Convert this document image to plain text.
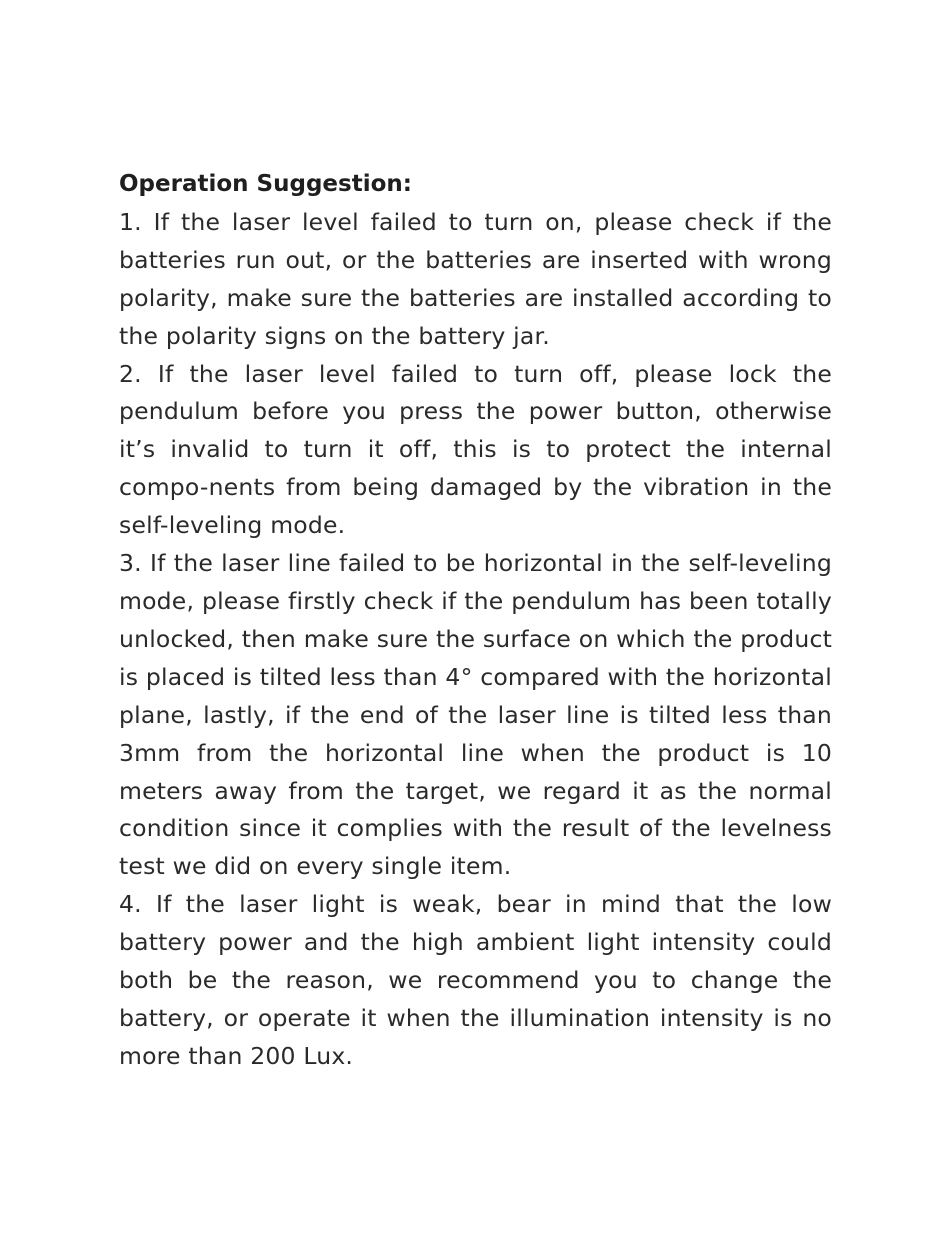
Operation Suggestion:

1. If the laser level failed to turn on, please check if the batteries run out, or the batteries are inserted with wrong polarity, make sure the batteries are installed according to the polarity signs on the battery jar.

2. If the laser level failed to turn off, please lock the pendulum before you press the power button, otherwise it’s invalid to turn it off, this is to protect the internal compo-nents from being damaged by the vibration in the self-leveling mode.

3. If the laser line failed to be horizontal in the self-leveling mode, please firstly check if the pendulum has been totally unlocked, then make sure the surface on which the product is placed is tilted less than 4° compared with the horizontal plane, lastly, if the end of the laser line is tilted less than 3mm from the horizontal line when the product is 10 meters away from the target, we regard it as the normal condition since it complies with the result of the levelness test we did on every single item.

4. If the laser light is weak, bear in mind that the low battery power and the high ambient light intensity could both be the reason, we recommend you to change the battery, or operate it when the illumination intensity is no more than 200 Lux.
